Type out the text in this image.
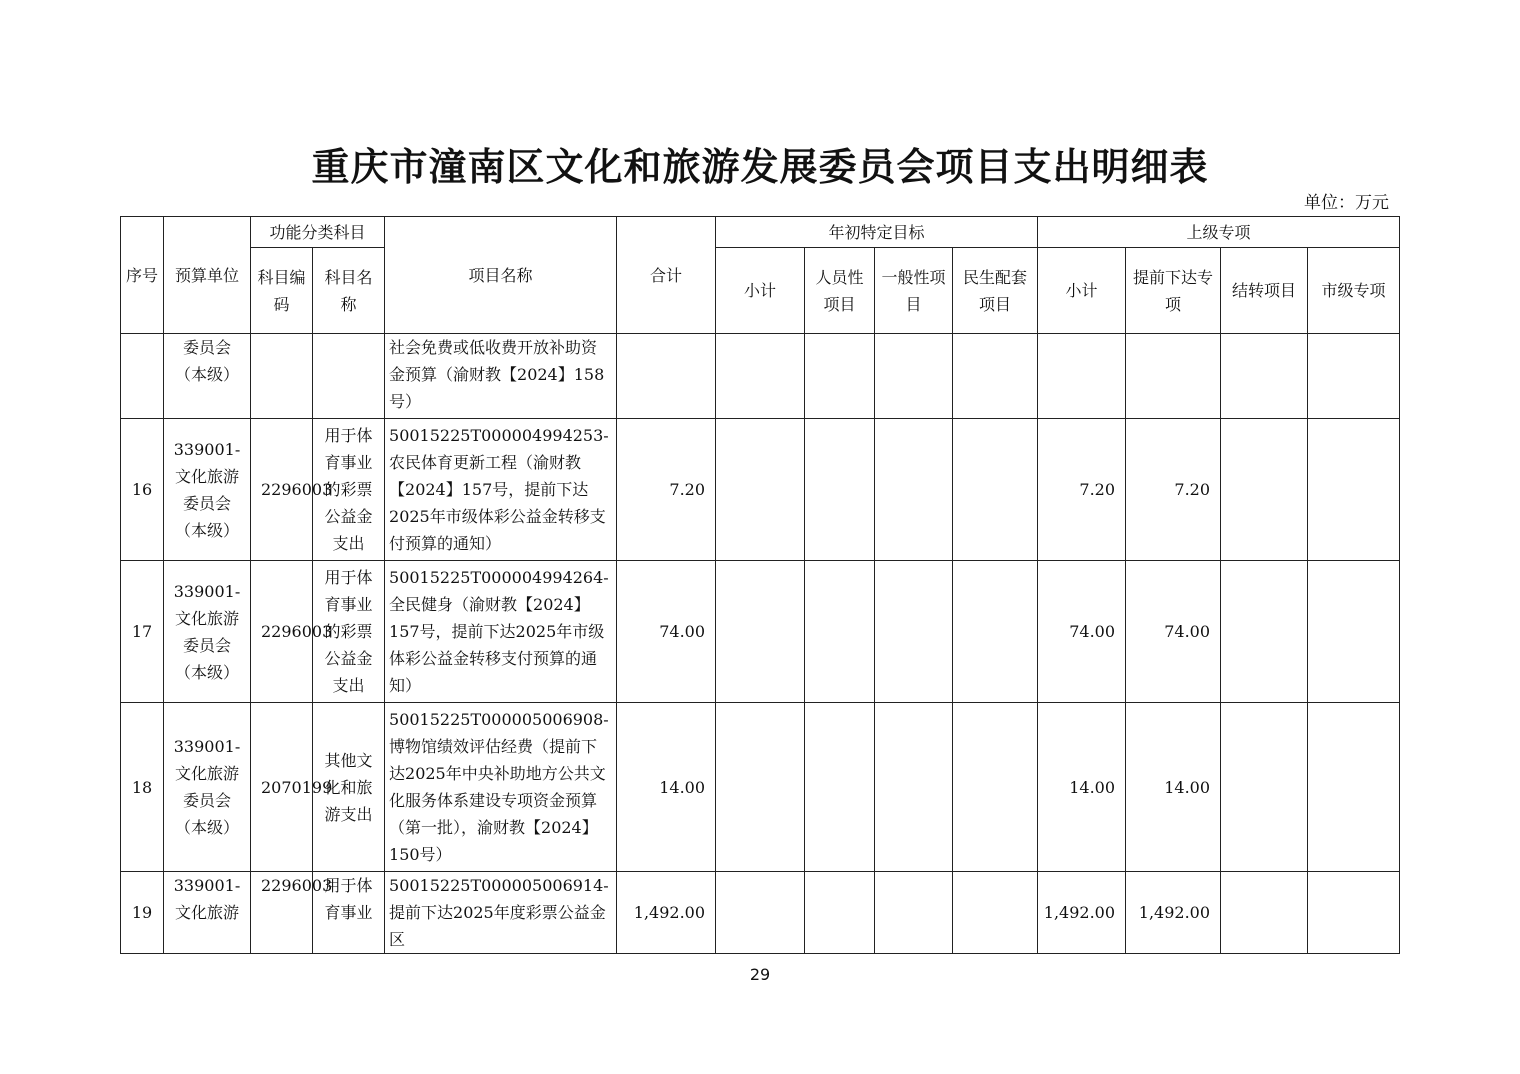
重庆市潼南区文化和旅游发展委员会项目支出明细表
单位：万元
序号	预算单位	功能分类科目		项目名称	合计	年初特定目标				上级专项			
		科目编码	科目名称			小计	人员性项目	一般性项目	民生配套项目	小计	提前下达专项	结转项目	市级专项
	委员会（本级）			社会免费或低收费开放补助资金预算（渝财教【2024】158号）									
16	339001-文化旅游委员会（本级）	2296003	用于体育事业的彩票公益金支出	50015225T000004994253-农民体育更新工程（渝财教【2024】157号，提前下达2025年市级体彩公益金转移支付预算的通知）	7.20					7.20	7.20		
17	339001-文化旅游委员会（本级）	2296003	用于体育事业的彩票公益金支出	50015225T000004994264-全民健身（渝财教【2024】157号，提前下达2025年市级体彩公益金转移支付预算的通知）	74.00					74.00	74.00		
18	339001-文化旅游委员会（本级）	2070199	其他文化和旅游支出	50015225T000005006908-博物馆绩效评估经费（提前下达2025年中央补助地方公共文化服务体系建设专项资金预算（第一批），渝财教【2024】150号）	14.00					14.00	14.00		
19	339001-文化旅游	2296003	用于体育事业	50015225T000005006914-提前下达2025年度彩票公益金区	1,492.00					1,492.00	1,492.00		
29
